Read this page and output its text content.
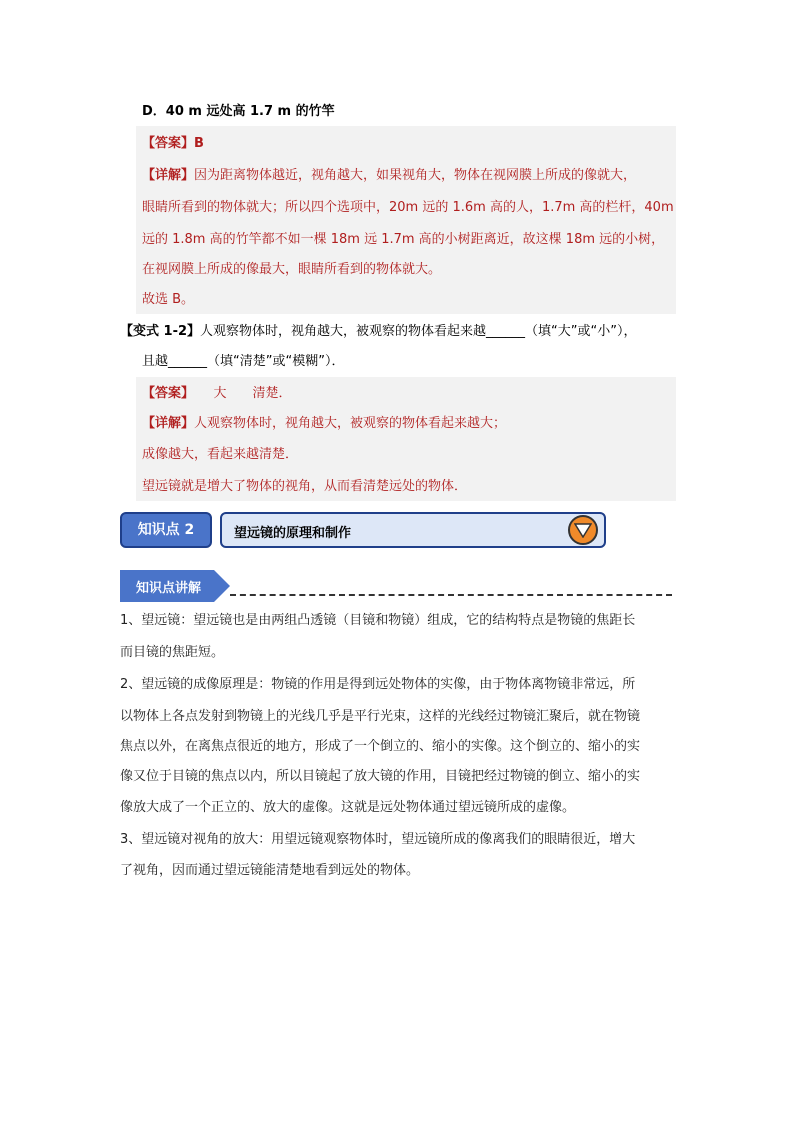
D．40 m 远处高 1.7 m 的竹竿
【答案】B
【详解】因为距离物体越近，视角越大，如果视角大，物体在视网膜上所成的像就大，
眼睛所看到的物体就大；所以四个选项中，20m 远的 1.6m 高的人，1.7m 高的栏杆，40m
远的 1.8m 高的竹竿都不如一棵 18m 远 1.7m 高的小树距离近，故这棵 18m 远的小树，
在视网膜上所成的像最大，眼睛所看到的物体就大。
故选 B。
【变式 1-2】人观察物体时，视角越大，被观察的物体看起来越______（填“大”或“小”），
且越______（填“清楚”或“模糊”）．
【答案】　　大　　清楚．
【详解】人观察物体时，视角越大，被观察的物体看起来越大；
成像越大，看起来越清楚．
望远镜就是增大了物体的视角，从而看清楚远处的物体．
知识点 2	望远镜的原理和制作
知识点讲解
1、望远镜：望远镜也是由两组凸透镜（目镜和物镜）组成，它的结构特点是物镜的焦距长
而目镜的焦距短。
2、望远镜的成像原理是：物镜的作用是得到远处物体的实像，由于物体离物镜非常远，所
以物体上各点发射到物镜上的光线几乎是平行光束，这样的光线经过物镜汇聚后，就在物镜
焦点以外，在离焦点很近的地方，形成了一个倒立的、缩小的实像。这个倒立的、缩小的实
像又位于目镜的焦点以内，所以目镜起了放大镜的作用，目镜把经过物镜的倒立、缩小的实
像放大成了一个正立的、放大的虚像。这就是远处物体通过望远镜所成的虚像。
3、望远镜对视角的放大：用望远镜观察物体时，望远镜所成的像离我们的眼睛很近，增大
了视角，因而通过望远镜能清楚地看到远处的物体。
